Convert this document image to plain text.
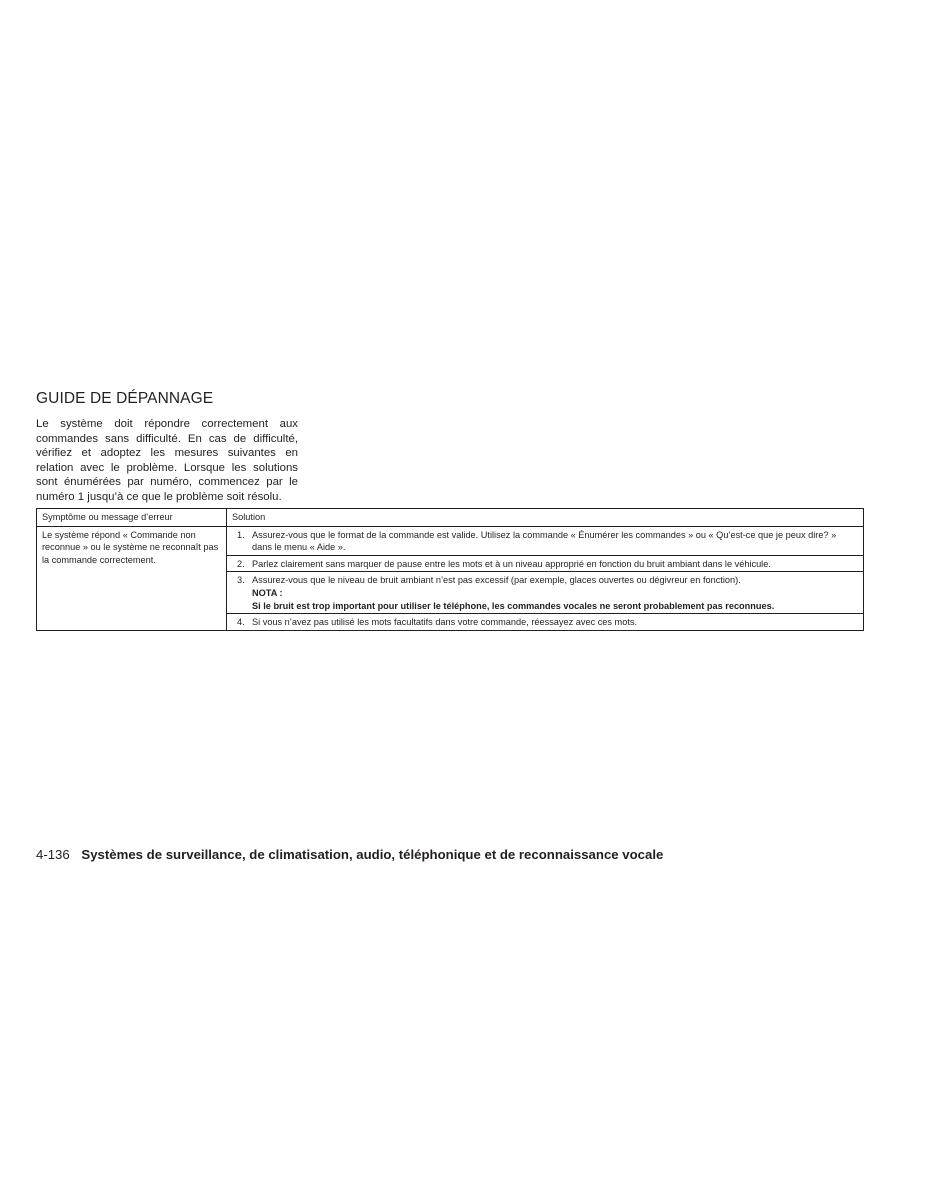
GUIDE DE DÉPANNAGE

Le système doit répondre correctement aux commandes sans difficulté. En cas de difficulté, vérifiez et adoptez les mesures suivantes en relation avec le problème. Lorsque les solutions sont énumérées par numéro, commencez par le numéro 1 jusqu’à ce que le problème soit résolu.

Symptôme ou message d’erreur	Solution
Le système répond « Commande non reconnue » ou le système ne reconnaît pas la commande correctement.	1. Assurez-vous que le format de la commande est valide. Utilisez la commande « Énumérer les commandes » ou « Qu’est-ce que je peux dire? » dans le menu « Aide ».

	2. Parlez clairement sans marquer de pause entre les mots et à un niveau approprié en fonction du bruit ambiant dans le véhicule.

	3. Assurez-vous que le niveau de bruit ambiant n’est pas excessif (par exemple, glaces ouvertes ou dégivreur en fonction).
NOTA :
Si le bruit est trop important pour utiliser le téléphone, les commandes vocales ne seront probablement pas reconnues.

	4. Si vous n’avez pas utilisé les mots facultatifs dans votre commande, réessayez avec ces mots.
4-136 Systèmes de surveillance, de climatisation, audio, téléphonique et de reconnaissance vocale
